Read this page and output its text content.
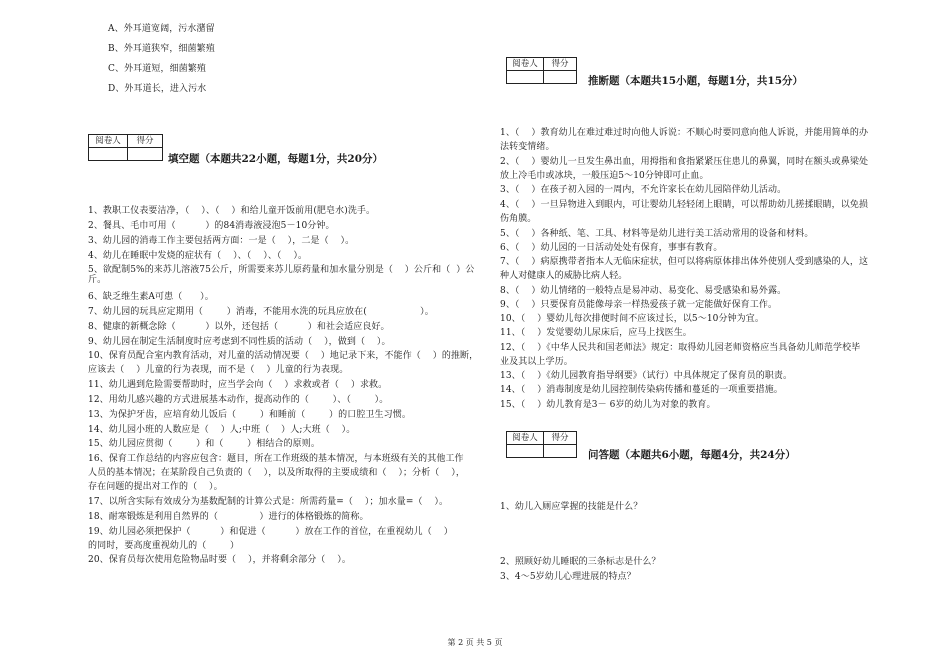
A、外耳道宽阔，污水潴留
B、外耳道狭窄，细菌繁殖
C、外耳道短，细菌繁殖
D、外耳道长，进入污水
阅卷人	得分

填空题（本题共22小题，每题1分，共20分）
1、教职工仪表要洁净，（    ）、（    ）和给儿童开饭前用(肥皂水)洗手。
2、餐具、毛巾可用（          ）的84消毒液浸泡5－10分钟。
3、幼儿园的消毒工作主要包括两方面：一是（    ），二是（    ）。
4、幼儿在睡眠中发烧的症状有（    ）、（    ）、（    ）。
5、欲配制5%的来苏儿溶液75公斤，所需要来苏儿原药量和加水量分别是（    ）公斤和（  ）公
斤。
6、缺乏维生素A可患（      ）。
7、幼儿园的玩具应定期用（        ）消毒，不能用水洗的玩具应放在(                  ）。
8、健康的新概念除（          ）以外，还包括（          ）和社会适应良好。
9、幼儿园在制定生活制度时应考虑到不同性质的活动（    ），做到（    ）。
10、保育员配合室内教育活动，对儿童的活动情况要（    ）地记录下来，不能作（    ）的推断，
应该去（    ）儿童的行为表现，而不是（    ）儿童的行为表现。
11、幼儿遇到危险需要帮助时，应当学会向（    ）求救或者（    ）求救。
12、用幼儿感兴趣的方式进展基本动作，提高动作的（        ）、（        ）。
13、为保护牙齿，应培育幼儿饭后（        ）和睡前（        ）的口腔卫生习惯。
14、幼儿园小班的人数应是（    ）人;中班（    ）人;大班（    ）。
15、幼儿园应贯彻（        ）和（        ）相结合的原则。
16、保育工作总结的内容应包含：题目，所在工作班级的基本情况，与本班级有关的其他工作
人员的基本情况；在某阶段自己负责的（    ），以及所取得的主要成绩和（    ）；分析（    ），
存在问题的提出对工作的（    ）。
17、以所含实际有效成分为基数配制的计算公式是：所需药量=（    ）；加水量=（    ）。
18、耐寒锻炼是利用自然界的（              ）进行的体格锻炼的简称。
19、幼儿园必须把保护（          ）和促进（          ）放在工作的首位，在重视幼儿（    ）
的同时，要高度重视幼儿的（        ）
20、保育员每次使用危险物品时要（    ），并将剩余部分（    ）。
阅卷人	得分

推断题（本题共15小题，每题1分，共15分）
1、（    ）教育幼儿在难过难过时向他人诉说：不顺心时要同意向他人诉说，并能用简单的办
法转变情绪。
2、（    ）婴幼儿一旦发生鼻出血，用拇指和食指紧紧压住患儿的鼻翼，同时在额头或鼻梁处
放上冷毛巾或冰块，一般压迫5～10分钟即可止血。
3、（    ）在孩子初入园的一周内，不允许家长在幼儿园陪伴幼儿活动。
4、（    ）一旦异物进入到眼内，可让婴幼儿轻轻闭上眼睛，可以帮助幼儿搓揉眼睛，以免损
伤角膜。
5、（    ）各种纸、笔、工具、材料等是幼儿进行美工活动常用的设备和材料。
6、（    ）幼儿园的一日活动处处有保育，事事有教育。
7、（    ）病原携带者指本人无临床症状，但可以将病原体排出体外使别人受到感染的人，这
种人对健康人的威胁比病人轻。
8、（    ）幼儿情绪的一般特点是易冲动、易变化、易受感染和易外露。
9、（    ）只要保育员能像母亲一样热爱孩子就一定能做好保育工作。
10、（    ）婴幼儿每次排便时间不应该过长，以5～10分钟为宜。
11、（    ）发觉婴幼儿尿床后，应马上找医生。
12、（    ）《中华人民共和国老师法》规定：取得幼儿园老师资格应当具备幼儿师范学校毕
业及其以上学历。
13、（    ）《幼儿园教育指导纲要》（试行）中具体规定了保育员的职责。
14、（    ）消毒制度是幼儿园控制传染病传播和蔓延的一项重要措施。
15、（    ）幼儿教育是3－ 6岁的幼儿为对象的教育。
阅卷人	得分

问答题（本题共6小题，每题4分，共24分）
1、幼儿入厕应掌握的技能是什么？
2、照顾好幼儿睡眠的三条标志是什么？
3、4～5岁幼儿心理进展的特点？
第 2 页 共 5 页
